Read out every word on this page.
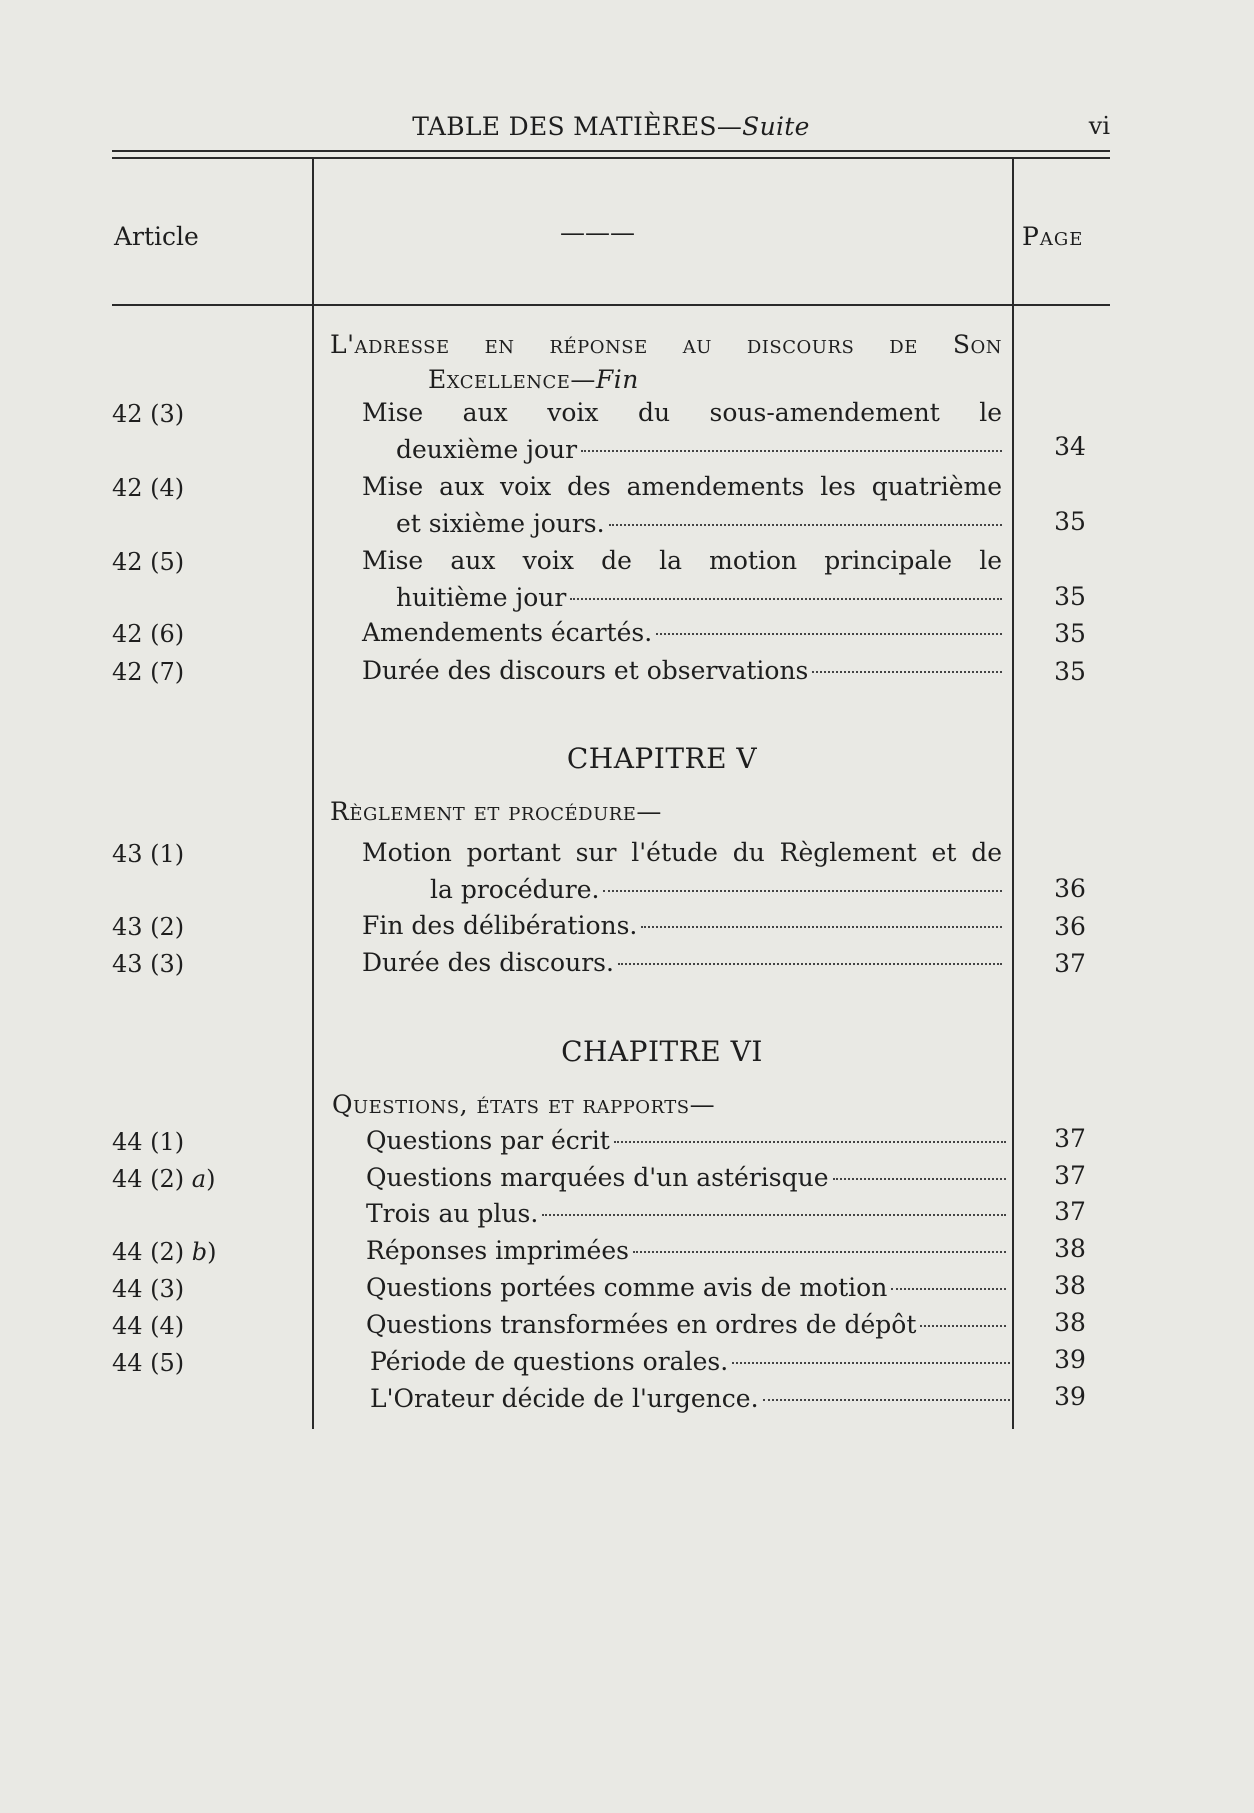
TABLE DES MATIÈRES—Suite	vi
Article	———	Page
L'adresse en réponse au discours de Son
Excellence—Fin
42 (3)	Mise aux voix du sous-amendement le
deuxième jour	34
42 (4)	Mise aux voix des amendements les quatrième
et sixième jours.	35
42 (5)	Mise aux voix de la motion principale le
huitième jour	35
42 (6)	Amendements écartés.	35
42 (7)	Durée des discours et observations	35
CHAPITRE V
Règlement et procédure—
43 (1)	Motion portant sur l'étude du Règlement et de
la procédure.	36
43 (2)	Fin des délibérations.	36
43 (3)	Durée des discours.	37
CHAPITRE VI
Questions, états et rapports—
44 (1)	Questions par écrit	37
44 (2) a)	Questions marquées d'un astérisque	37
Trois au plus.	37
44 (2) b)	Réponses imprimées	38
44 (3)	Questions portées comme avis de motion	38
44 (4)	Questions transformées en ordres de dépôt	38
44 (5)	Période de questions orales.	39
L'Orateur décide de l'urgence.	39
